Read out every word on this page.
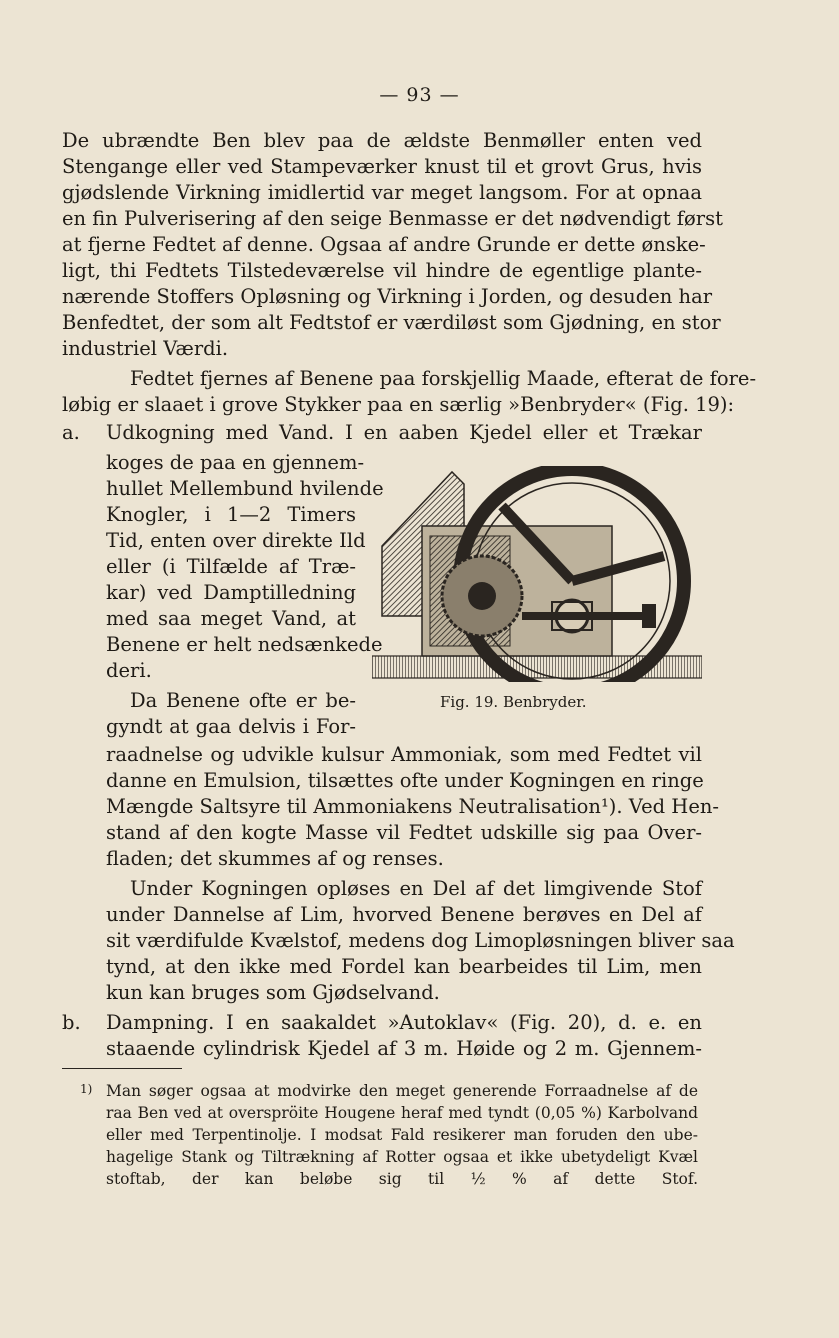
— 93 —
De ubrændte Ben blev paa de ældste Benmøller enten ved
Stengange eller ved Stampeværker knust til et grovt Grus, hvis
gjødslende Virkning imidlertid var meget langsom. For at opnaa
en fin Pulverisering af den seige Benmasse er det nødvendigt først
at fjerne Fedtet af denne. Ogsaa af andre Grunde er dette ønske-
ligt, thi Fedtets Tilstedeværelse vil hindre de egentlige plante-
nærende Stoffers Opløsning og Virkning i Jorden, og desuden har
Benfedtet, der som alt Fedtstof er værdiløst som Gjødning, en stor
industriel Værdi.
Fedtet fjernes af Benene paa forskjellig Maade, efterat de fore-
løbig er slaaet i grove Stykker paa en særlig »Benbryder« (Fig. 19):
a. Udkogning med Vand. I en aaben Kjedel eller et Trækar
koges de paa en gjennem-
hullet Mellembund hvilende
Knogler, i 1—2 Timers
Tid, enten over direkte Ild
eller (i Tilfælde af Træ-
kar) ved Damptilledning
med saa meget Vand, at
Benene er helt nedsænkede
deri.
Da Benene ofte er be-
gyndt at gaa delvis i For-
raadnelse og udvikle kulsur Ammoniak, som med Fedtet vil
danne en Emulsion, tilsættes ofte under Kogningen en ringe
Mængde Saltsyre til Ammoniakens Neutralisation¹). Ved Hen-
stand af den kogte Masse vil Fedtet udskille sig paa Over-
fladen; det skummes af og renses.
Under Kogningen opløses en Del af det limgivende Stof
under Dannelse af Lim, hvorved Benene berøves en Del af
sit værdifulde Kvælstof, medens dog Limopløsningen bliver saa
tynd, at den ikke med Fordel kan bearbeides til Lim, men
kun kan bruges som Gjødselvand.
b. Dampning. I en saakaldet »Autoklav« (Fig. 20), d. e. en
staaende cylindrisk Kjedel af 3 m. Høide og 2 m. Gjennem-
Fig. 19. Benbryder.
1) Man søger ogsaa at modvirke den meget generende Forraadnelse af de
raa Ben ved at overspröite Hougene heraf med tyndt (0,05 %) Karbolvand
eller med Terpentinolje. I modsat Fald resikerer man foruden den ube-
hagelige Stank og Tiltrækning af Rotter ogsaa et ikke ubetydeligt Kvæl
stoftab, der kan beløbe sig til ½ % af dette Stof.
